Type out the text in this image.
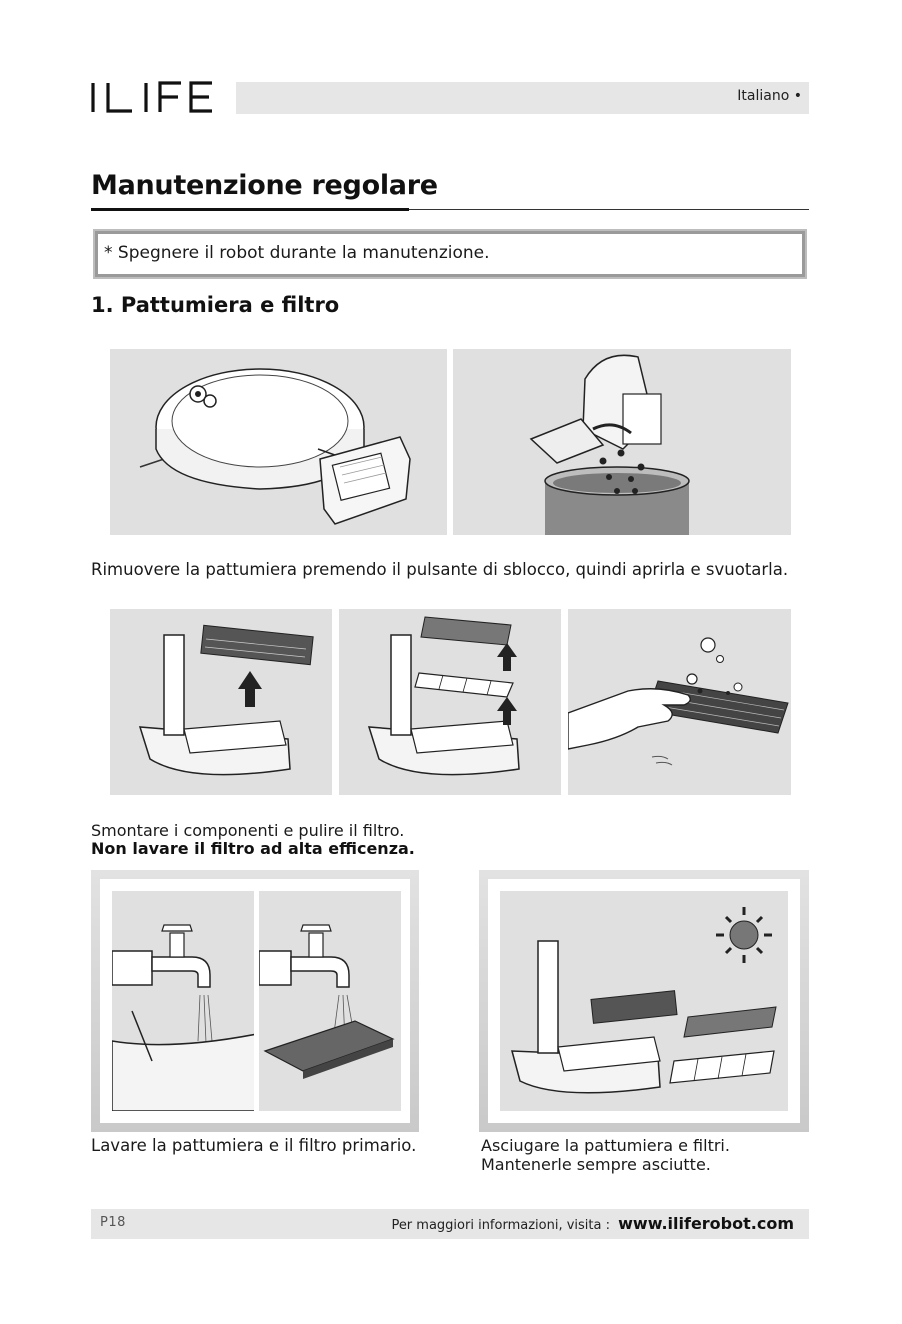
Italiano •
Manutenzione regolare
* Spegnere il robot durante la manutenzione.
1. Pattumiera e filtro
Rimuovere la pattumiera premendo il pulsante di sblocco, quindi aprirla e svuotarla.
Smontare i componenti e pulire il filtro.
Non lavare il filtro ad alta efficenza.
Lavare la pattumiera e il filtro primario.	Asciugare la pattumiera e filtri.
Mantenerle sempre asciutte.
P18	Per maggiori informazioni, visita : www.iliferobot.com
